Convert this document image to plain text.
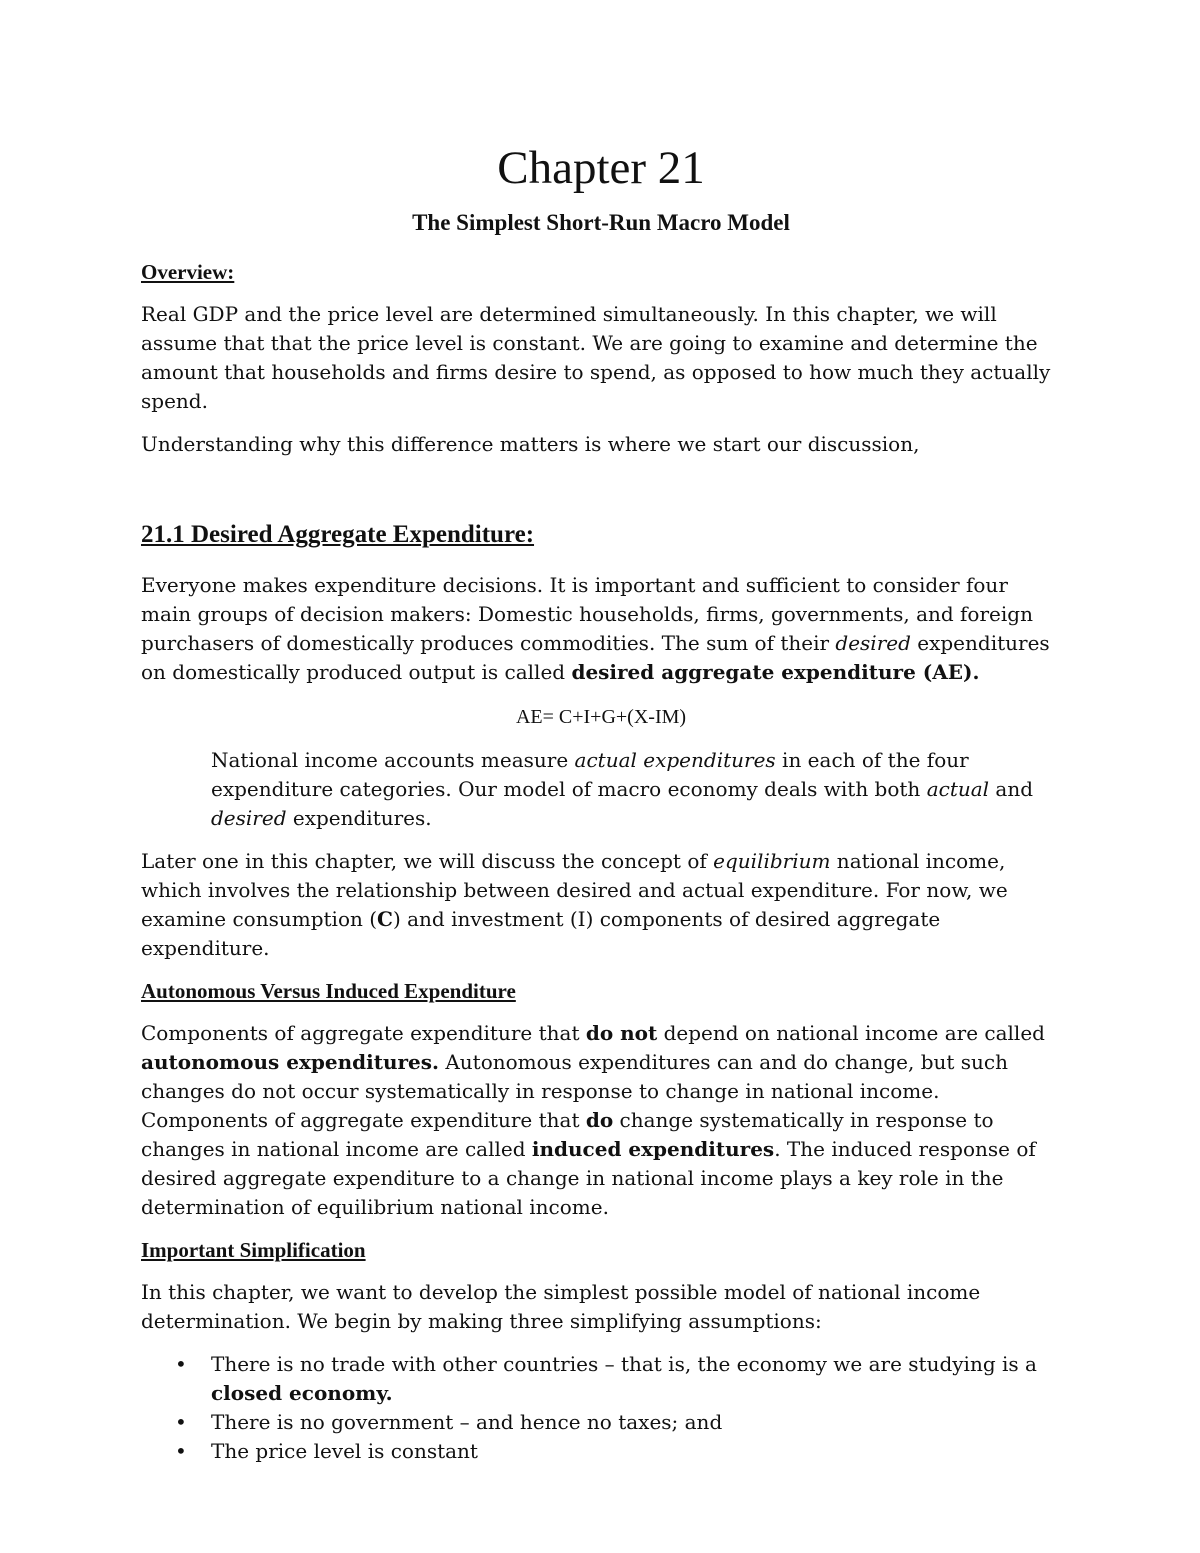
Chapter 21
The Simplest Short-Run Macro Model
Overview:

Real GDP and the price level are determined simultaneously. In this chapter, we will assume that that the price level is constant. We are going to examine and determine the amount that households and firms desire to spend, as opposed to how much they actually spend.

Understanding why this difference matters is where we start our discussion,

21.1 Desired Aggregate Expenditure:

Everyone makes expenditure decisions. It is important and sufficient to consider four main groups of decision makers: Domestic households, firms, governments, and foreign purchasers of domestically produces commodities. The sum of their desired expenditures on domestically produced output is called desired aggregate expenditure (AE).

AE= C+I+G+(X-IM)

National income accounts measure actual expenditures in each of the four expenditure categories. Our model of macro economy deals with both actual and desired expenditures.

Later one in this chapter, we will discuss the concept of equilibrium national income, which involves the relationship between desired and actual expenditure. For now, we examine consumption (C) and investment (I) components of desired aggregate expenditure.

Autonomous Versus Induced Expenditure

Components of aggregate expenditure that do not depend on national income are called autonomous expenditures. Autonomous expenditures can and do change, but such changes do not occur systematically in response to change in national income. Components of aggregate expenditure that do change systematically in response to changes in national income are called induced expenditures. The induced response of desired aggregate expenditure to a change in national income plays a key role in the determination of equilibrium national income.

Important Simplification

In this chapter, we want to develop the simplest possible model of national income determination. We begin by making three simplifying assumptions:

• There is no trade with other countries – that is, the economy we are studying is a closed economy.
• There is no government – and hence no taxes; and
• The price level is constant
